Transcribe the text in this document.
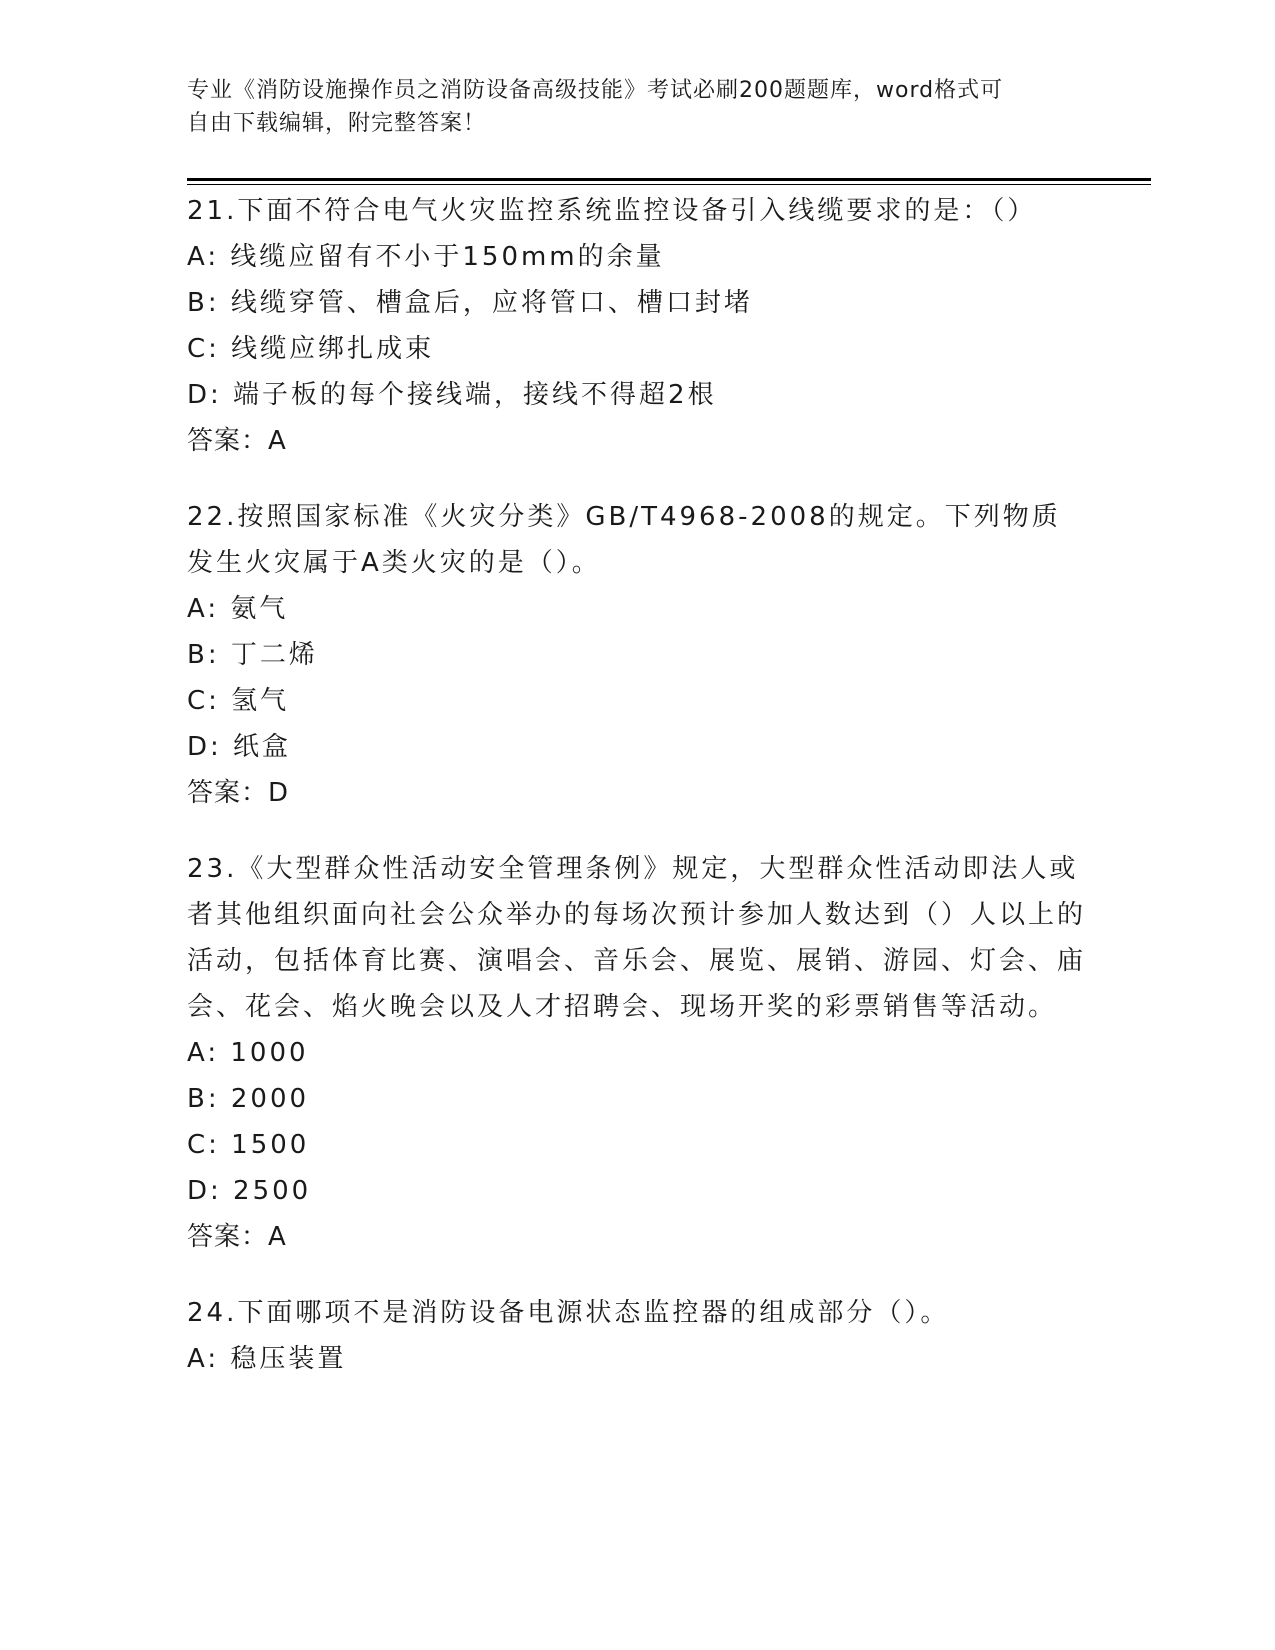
专业《消防设施操作员之消防设备高级技能》考试必刷200题题库，word格式可
自由下载编辑，附完整答案！
21.下面不符合电气火灾监控系统监控设备引入线缆要求的是：（）
A: 线缆应留有不小于150mm的余量
B: 线缆穿管、槽盒后，应将管口、槽口封堵
C: 线缆应绑扎成束
D: 端子板的每个接线端，接线不得超2根
答案：A
22.按照国家标准《火灾分类》GB/T4968-2008的规定。下列物质发生火灾属于A类火灾的是（）。
A: 氨气
B: 丁二烯
C: 氢气
D: 纸盒
答案：D
23.《大型群众性活动安全管理条例》规定，大型群众性活动即法人或者其他组织面向社会公众举办的每场次预计参加人数达到（）人以上的活动，包括体育比赛、演唱会、音乐会、展览、展销、游园、灯会、庙会、花会、焰火晚会以及人才招聘会、现场开奖的彩票销售等活动。
A: 1000
B: 2000
C: 1500
D: 2500
答案：A
24.下面哪项不是消防设备电源状态监控器的组成部分（）。
A: 稳压装置
